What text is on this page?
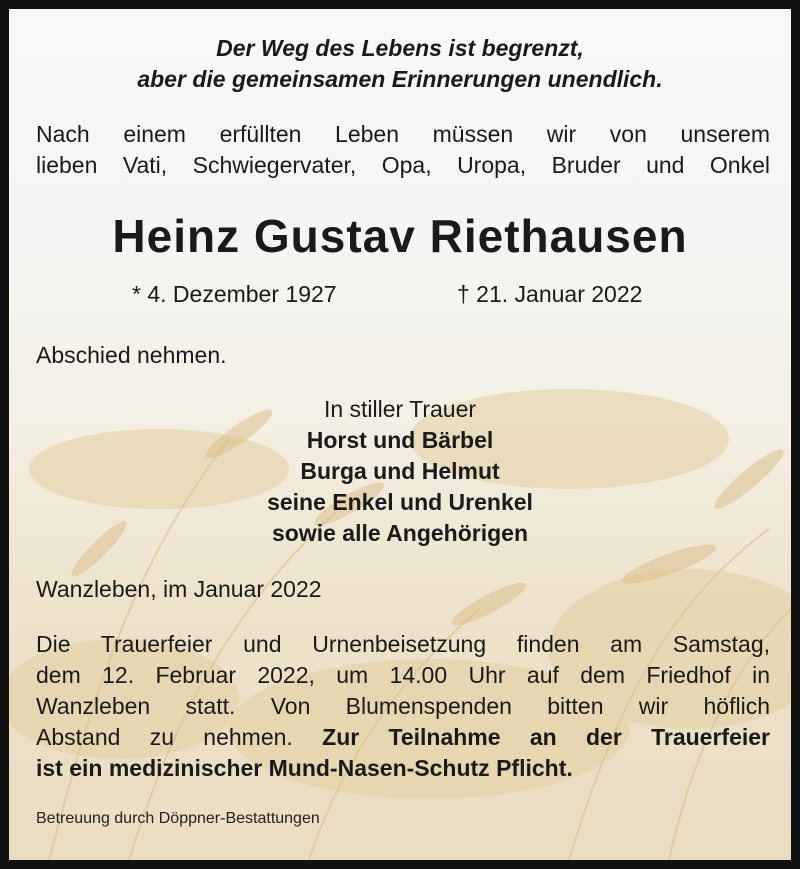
Der Weg des Lebens ist begrenzt,
aber die gemeinsamen Erinnerungen unendlich.
Nach einem erfüllten Leben müssen wir von unserem
lieben Vati, Schwiegervater, Opa, Uropa, Bruder und Onkel
Heinz Gustav Riethausen
* 4. Dezember 1927	† 21. Januar 2022
Abschied nehmen.
In stiller Trauer
Horst und Bärbel
Burga und Helmut
seine Enkel und Urenkel
sowie alle Angehörigen
Wanzleben, im Januar 2022
Die Trauerfeier und Urnenbeisetzung finden am Samstag,
dem 12. Februar 2022, um 14.00 Uhr auf dem Friedhof in
Wanzleben statt. Von Blumenspenden bitten wir höflich
Abstand zu nehmen. Zur Teilnahme an der Trauerfeier
ist ein medizinischer Mund-Nasen-Schutz Pflicht.
Betreuung durch Döppner-Bestattungen
